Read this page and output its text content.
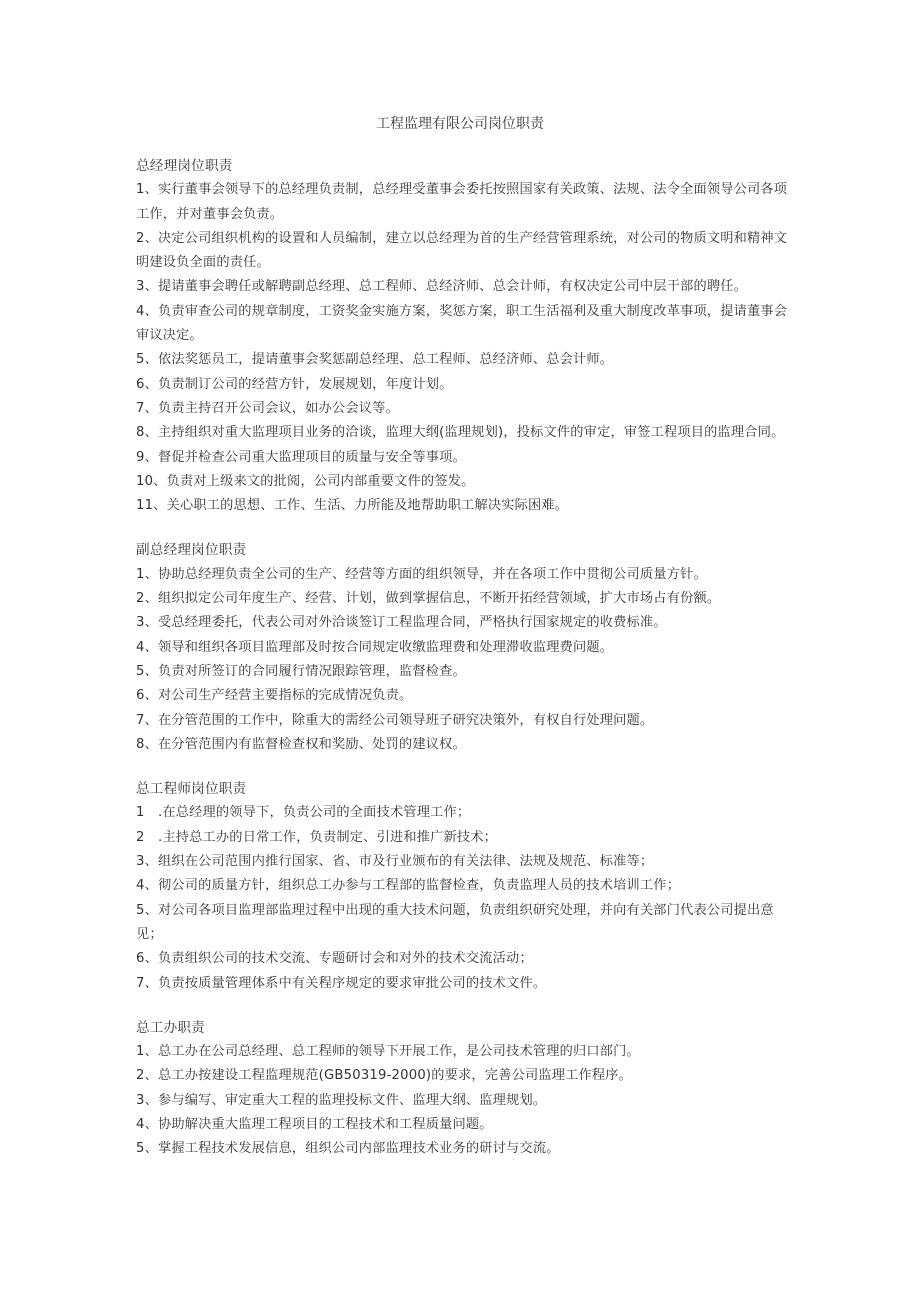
工程监理有限公司岗位职责
总经理岗位职责

1、实行董事会领导下的总经理负责制，总经理受董事会委托按照国家有关政策、法规、法令全面领导公司各项工作，并对董事会负责。

2、决定公司组织机构的设置和人员编制，建立以总经理为首的生产经营管理系统，对公司的物质文明和精神文明建设负全面的责任。

3、提请董事会聘任或解聘副总经理、总工程师、总经济师、总会计师，有权决定公司中层干部的聘任。

4、负责审查公司的规章制度，工资奖金实施方案，奖惩方案，职工生活福利及重大制度改革事项，提请董事会审议决定。

5、依法奖惩员工，提请董事会奖惩副总经理、总工程师、总经济师、总会计师。

6、负责制订公司的经营方针，发展规划，年度计划。

7、负责主持召开公司会议，如办公会议等。

8、主持组织对重大监理项目业务的洽谈，监理大纲(监理规划)，投标文件的审定，审签工程项目的监理合同。

9、督促并检查公司重大监理项目的质量与安全等事项。

10、负责对上级来文的批阅，公司内部重要文件的签发。

11、关心职工的思想、工作、生活、力所能及地帮助职工解决实际困难。

副总经理岗位职责

1、协助总经理负责全公司的生产、经营等方面的组织领导，并在各项工作中贯彻公司质量方针。

2、组织拟定公司年度生产、经营、计划，做到掌握信息，不断开拓经营领域，扩大市场占有份额。

3、受总经理委托，代表公司对外洽谈签订工程监理合同，严格执行国家规定的收费标准。

4、领导和组织各项目监理部及时按合同规定收缴监理费和处理滞收监理费问题。

5、负责对所签订的合同履行情况跟踪管理，监督检查。

6、对公司生产经营主要指标的完成情况负责。

7、在分管范围的工作中，除重大的需经公司领导班子研究决策外，有权自行处理问题。

8、在分管范围内有监督检查权和奖励、处罚的建议权。

总工程师岗位职责

1　.在总经理的领导下，负责公司的全面技术管理工作；

2　.主持总工办的日常工作，负责制定、引进和推广新技术；

3、组织在公司范围内推行国家、省、市及行业颁布的有关法律、法规及规范、标准等；

4、彻公司的质量方针，组织总工办参与工程部的监督检查，负责监理人员的技术培训工作；

5、对公司各项目监理部监理过程中出现的重大技术问题，负责组织研究处理，并向有关部门代表公司提出意见；

6、负责组织公司的技术交流、专题研讨会和对外的技术交流活动；

7、负责按质量管理体系中有关程序规定的要求审批公司的技术文件。

总工办职责

1、总工办在公司总经理、总工程师的领导下开展工作，是公司技术管理的归口部门。

2、总工办按建设工程监理规范(GB50319-2000)的要求，完善公司监理工作程序。

3、参与编写、审定重大工程的监理投标文件、监理大纲、监理规划。

4、协助解决重大监理工程项目的工程技术和工程质量问题。

5、掌握工程技术发展信息，组织公司内部监理技术业务的研讨与交流。
